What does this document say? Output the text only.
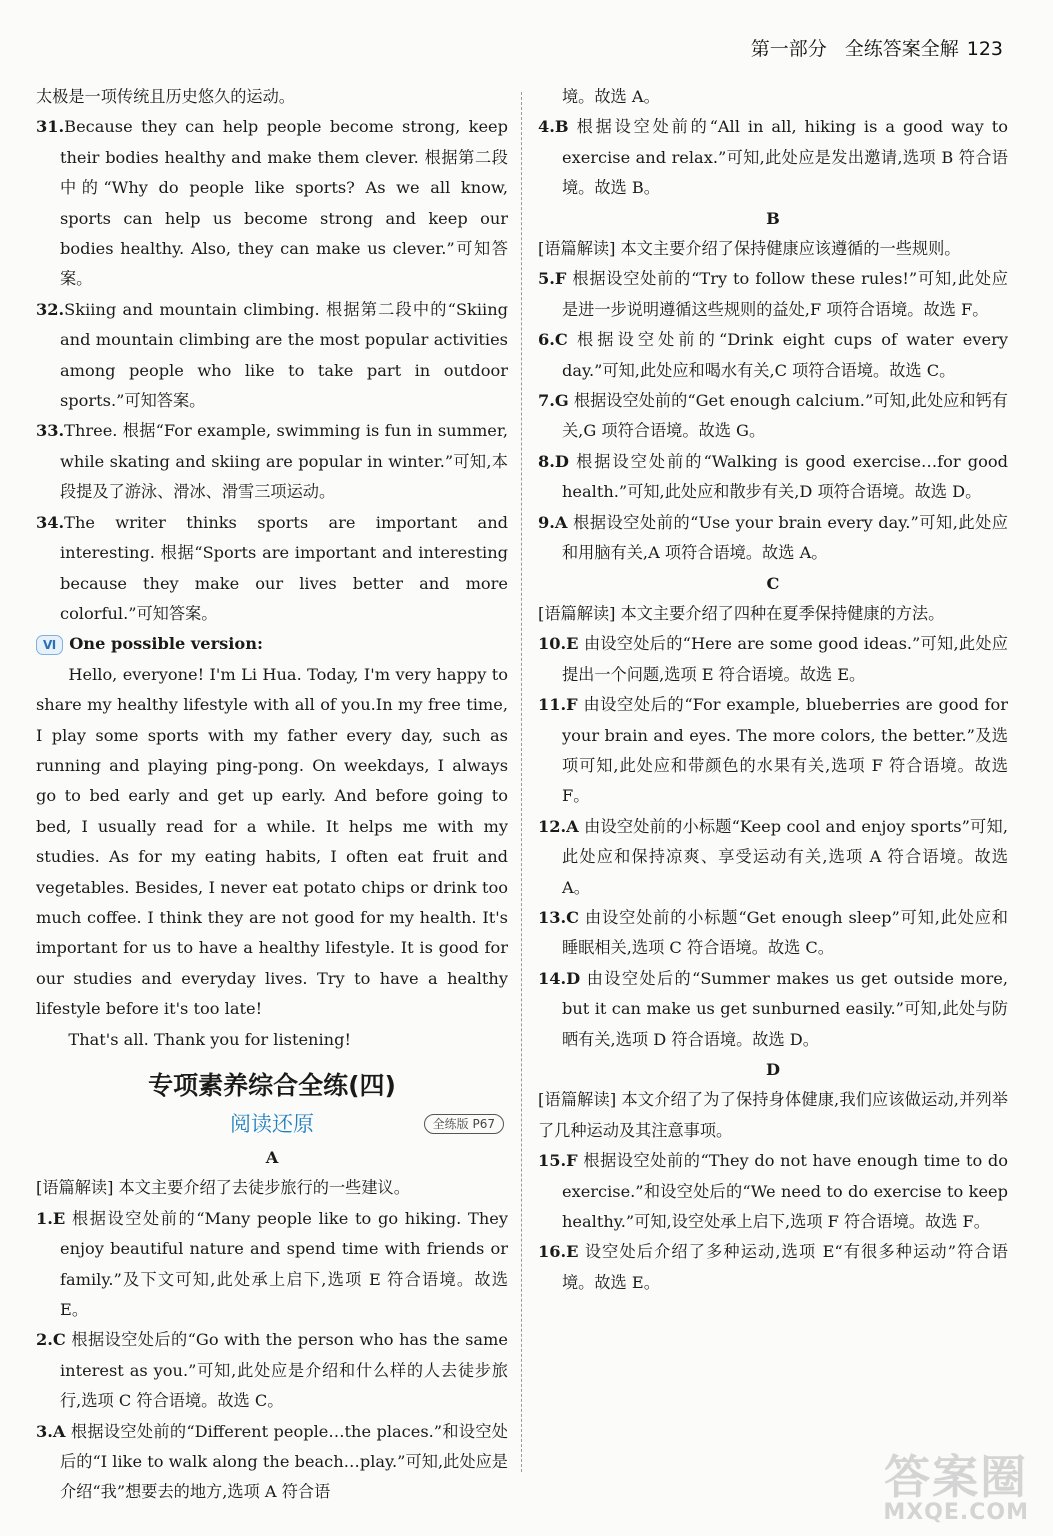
第一部分 全练答案全解 123

太极是一项传统且历史悠久的运动。

31.Because they can help people become strong, keep their bodies healthy and make them clever. 根据第二段中的“Why do people like sports? As we all know, sports can help us become strong and keep our bodies healthy. Also, they can make us clever.”可知答案。

32.Skiing and mountain climbing. 根据第二段中的“Skiing and mountain climbing are the most popular activities among people who like to take part in outdoor sports.”可知答案。

33.Three. 根据“For example, swimming is fun in summer, while skating and skiing are popular in winter.”可知,本段提及了游泳、滑冰、滑雪三项运动。

34.The writer thinks sports are important and interesting. 根据“Sports are important and interesting because they make our lives better and more colorful.”可知答案。

Ⅵ One possible version:

Hello, everyone! I'm Li Hua. Today, I'm very happy to share my healthy lifestyle with all of you.In my free time, I play some sports with my father every day, such as running and playing ping-pong. On weekdays, I always go to bed early and get up early. And before going to bed, I usually read for a while. It helps me with my studies. As for my eating habits, I often eat fruit and vegetables. Besides, I never eat potato chips or drink too much coffee. I think they are not good for my health. It's important for us to have a healthy lifestyle. It is good for our studies and everyday lives. Try to have a healthy lifestyle before it's too late!

That's all. Thank you for listening!

专项素养综合全练(四)
阅读还原	全练版 P67

A

[语篇解读] 本文主要介绍了去徒步旅行的一些建议。

1.E 根据设空处前的“Many people like to go hiking. They enjoy beautiful nature and spend time with friends or family.”及下文可知,此处承上启下,选项 E 符合语境。故选 E。

2.C 根据设空处后的“Go with the person who has the same interest as you.”可知,此处应是介绍和什么样的人去徒步旅行,选项 C 符合语境。故选 C。

3.A 根据设空处前的“Different people…the places.”和设空处后的“I like to walk along the beach…play.”可知,此处应是介绍“我”想要去的地方,选项 A 符合语

境。故选 A。

4.B 根据设空处前的“All in all, hiking is a good way to exercise and relax.”可知,此处应是发出邀请,选项 B 符合语境。故选 B。

B

[语篇解读] 本文主要介绍了保持健康应该遵循的一些规则。

5.F 根据设空处前的“Try to follow these rules!”可知,此处应是进一步说明遵循这些规则的益处,F 项符合语境。故选 F。

6.C 根据设空处前的“Drink eight cups of water every day.”可知,此处应和喝水有关,C 项符合语境。故选 C。

7.G 根据设空处前的“Get enough calcium.”可知,此处应和钙有关,G 项符合语境。故选 G。

8.D 根据设空处前的“Walking is good exercise…for good health.”可知,此处应和散步有关,D 项符合语境。故选 D。

9.A 根据设空处前的“Use your brain every day.”可知,此处应和用脑有关,A 项符合语境。故选 A。

C

[语篇解读] 本文主要介绍了四种在夏季保持健康的方法。

10.E 由设空处后的“Here are some good ideas.”可知,此处应提出一个问题,选项 E 符合语境。故选 E。

11.F 由设空处后的“For example, blueberries are good for your brain and eyes. The more colors, the better.”及选项可知,此处应和带颜色的水果有关,选项 F 符合语境。故选 F。

12.A 由设空处前的小标题“Keep cool and enjoy sports”可知,此处应和保持凉爽、享受运动有关,选项 A 符合语境。故选 A。

13.C 由设空处前的小标题“Get enough sleep”可知,此处应和睡眠相关,选项 C 符合语境。故选 C。

14.D 由设空处后的“Summer makes us get outside more, but it can make us get sunburned easily.”可知,此处与防晒有关,选项 D 符合语境。故选 D。

D

[语篇解读] 本文介绍了为了保持身体健康,我们应该做运动,并列举了几种运动及其注意事项。

15.F 根据设空处前的“They do not have enough time to do exercise.”和设空处后的“We need to do exercise to keep healthy.”可知,设空处承上启下,选项 F 符合语境。故选 F。

16.E 设空处后介绍了多种运动,选项 E“有很多种运动”符合语境。故选 E。

答案圈
MXQE.COM
